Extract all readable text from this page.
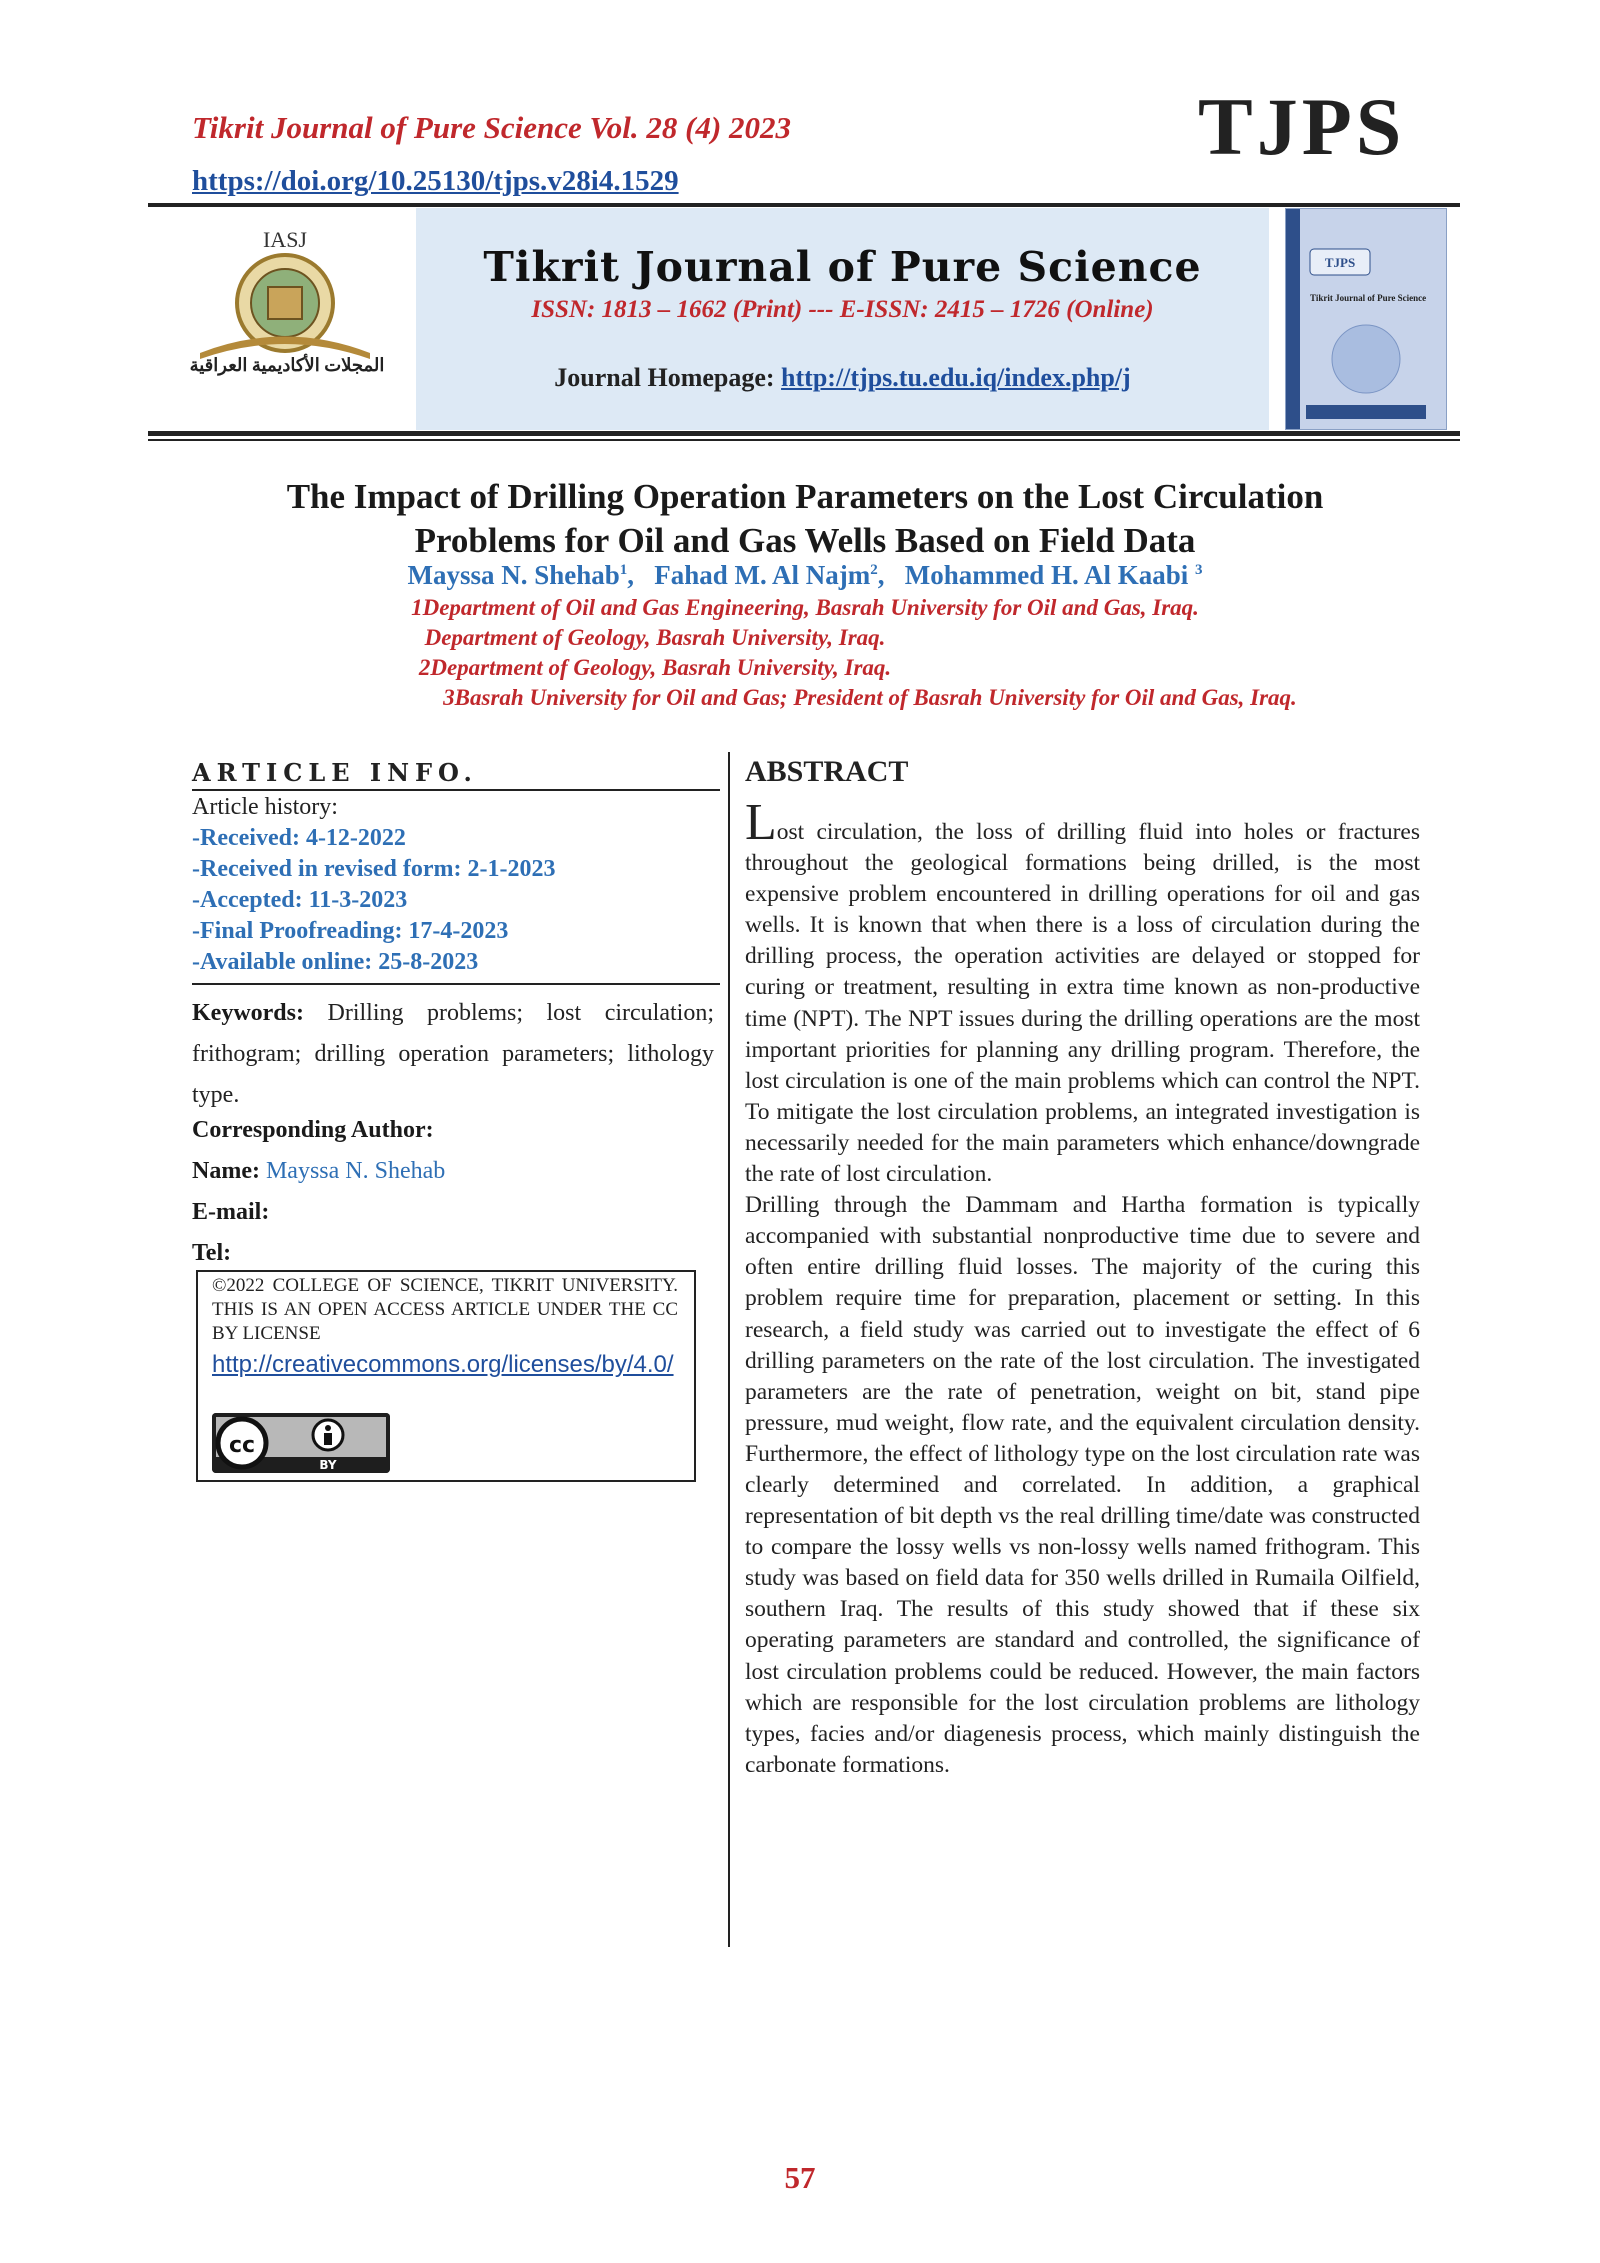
Tikrit Journal of Pure Science Vol. 28 (4) 2023
https://doi.org/10.25130/tjps.v28i4.1529
TJPS
IASJ
المجلات الأكاديمية العراقية
Tikrit Journal of Pure Science
ISSN: 1813 – 1662 (Print) --- E-ISSN: 2415 – 1726 (Online)
Journal Homepage: http://tjps.tu.edu.iq/index.php/j
TJPS
Tikrit Journal of Pure Science
The Impact of Drilling Operation Parameters on the Lost Circulation
Problems for Oil and Gas Wells Based on Field Data
Mayssa N. Shehab$^1$,   Fahad M. Al Najm$^2$,   Mohammed H. Al Kaabi $^3$
1Department of Oil and Gas Engineering, Basrah University for Oil and Gas, Iraq.
Department of Geology, Basrah University, Iraq.
2Department of Geology, Basrah University, Iraq.
3Basrah University for Oil and Gas; President of Basrah University for Oil and Gas, Iraq.
ARTICLE INFO.
Article history:
-Received: 4-12-2022
-Received in revised form: 2-1-2023
-Accepted: 11-3-2023
-Final Proofreading: 17-4-2023
-Available online: 25-8-2023
Keywords: Drilling problems; lost circulation; frithogram; drilling operation parameters; lithology type.
Corresponding Author:
Name: Mayssa N. Shehab
E-mail:
Tel:
©2022 COLLEGE OF SCIENCE, TIKRIT UNIVERSITY. THIS IS AN OPEN ACCESS ARTICLE UNDER THE CC BY LICENSE
http://creativecommons.org/licenses/by/4.0/
cc
BY
ABSTRACT

Lost circulation, the loss of drilling fluid into holes or fractures throughout the geological formations being drilled, is the most expensive problem encountered in drilling operations for oil and gas wells. It is known that when there is a loss of circulation during the drilling process, the operation activities are delayed or stopped for curing or treatment, resulting in extra time known as non-productive time (NPT). The NPT issues during the drilling operations are the most important priorities for planning any drilling program. Therefore, the lost circulation is one of the main problems which can control the NPT. To mitigate the lost circulation problems, an integrated investigation is necessarily needed for the main parameters which enhance/downgrade the rate of lost circulation.

Drilling through the Dammam and Hartha formation is typically accompanied with substantial nonproductive time due to severe and often entire drilling fluid losses. The majority of the curing this problem require time for preparation, placement or setting. In this research, a field study was carried out to investigate the effect of 6 drilling parameters on the rate of the lost circulation. The investigated parameters are the rate of penetration, weight on bit, stand pipe pressure, mud weight, flow rate, and the equivalent circulation density. Furthermore, the effect of lithology type on the lost circulation rate was clearly determined and correlated. In addition, a graphical representation of bit depth vs the real drilling time/date was constructed to compare the lossy wells vs non-lossy wells named frithogram. This study was based on field data for 350 wells drilled in Rumaila Oilfield, southern Iraq. The results of this study showed that if these six operating parameters are standard and controlled, the significance of lost circulation problems could be reduced. However, the main factors which are responsible for the lost circulation problems are lithology types, facies and/or diagenesis process, which mainly distinguish the carbonate formations.

57
